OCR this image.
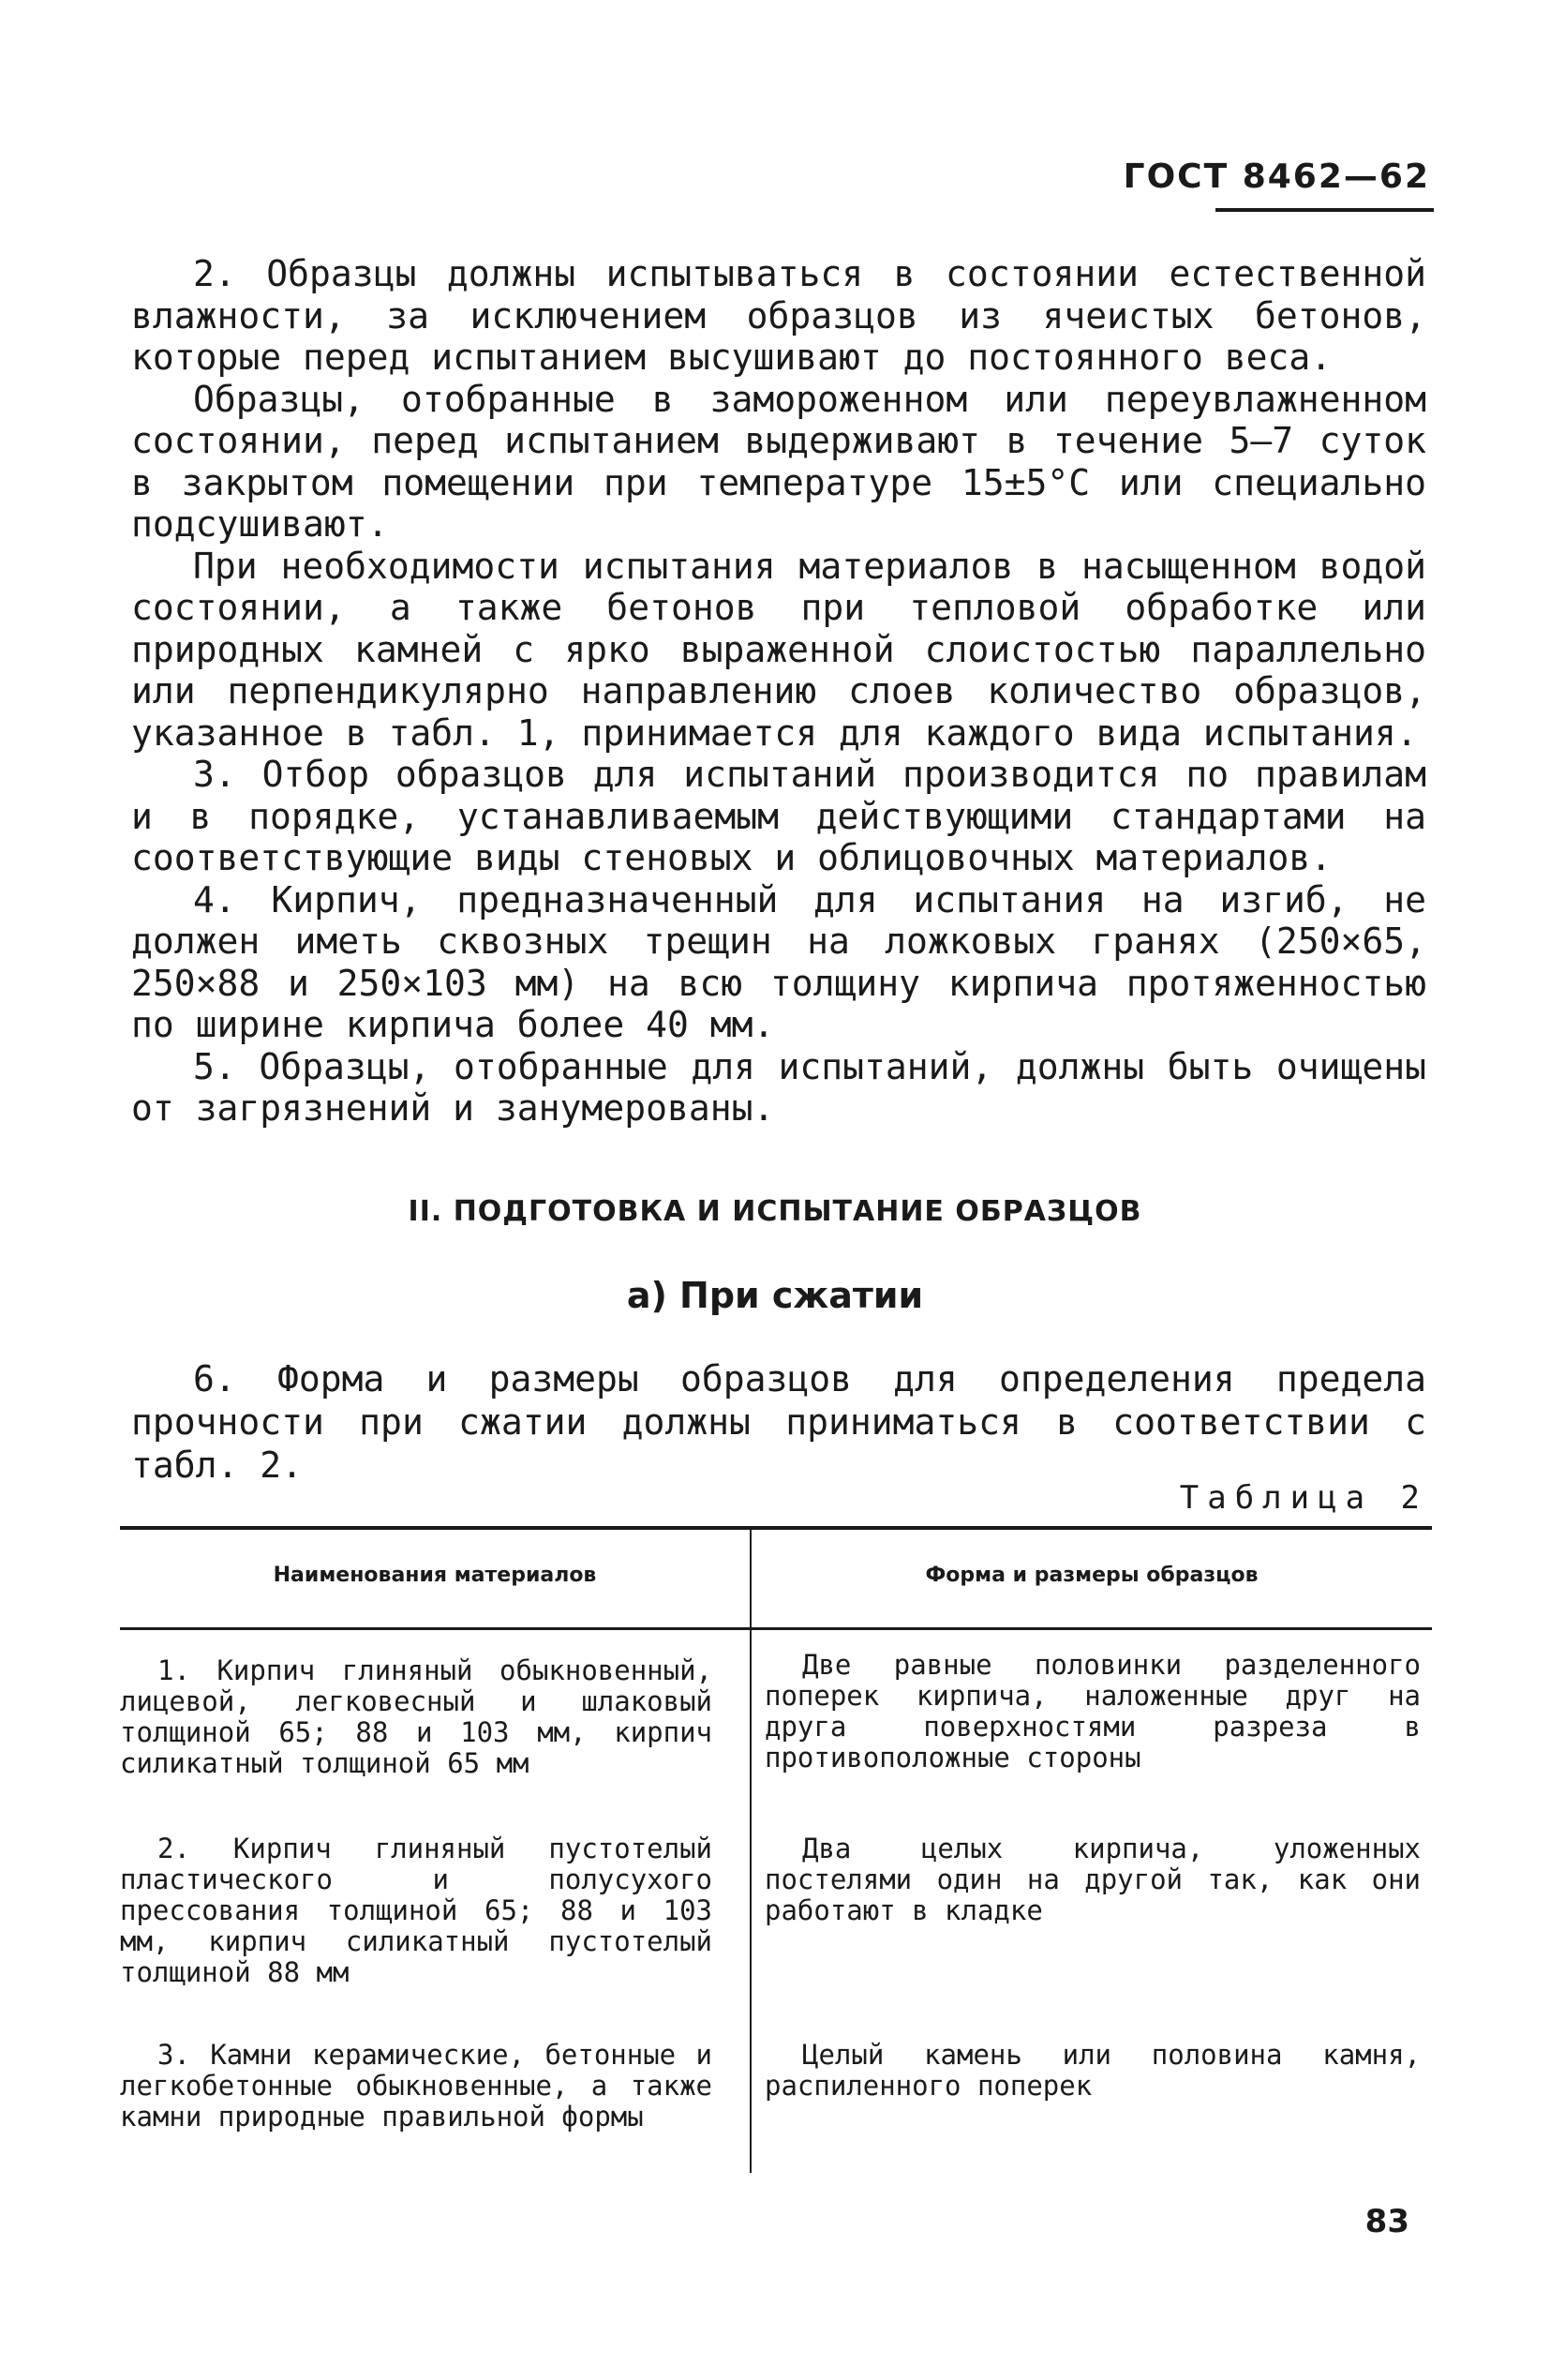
ГОСТ 8462—62

2. Образцы должны испытываться в состоянии естественной влажности, за исключением образцов из ячеистых бетонов, которые перед испытанием высушивают до постоянного веса.

Образцы, отобранные в замороженном или переувлажненном состоянии, перед испытанием выдерживают в течение 5—7 суток в закрытом помещении при температуре 15±5°С или специально подсушивают.

При необходимости испытания материалов в насыщенном водой состоянии, а также бетонов при тепловой обработке или природных камней с ярко выраженной слоистостью параллельно или перпендикулярно направлению слоев количество образцов, указанное в табл. 1, принимается для каждого вида испытания.

3. Отбор образцов для испытаний производится по правилам и в порядке, устанавливаемым действующими стандартами на соответствующие виды стеновых и облицовочных материалов.

4. Кирпич, предназначенный для испытания на изгиб, не должен иметь сквозных трещин на ложковых гранях (250×65, 250×88 и 250×103 мм) на всю толщину кирпича протяженностью по ширине кирпича более 40 мм.

5. Образцы, отобранные для испытаний, должны быть очищены от загрязнений и занумерованы.

II. ПОДГОТОВКА И ИСПЫТАНИЕ ОБРАЗЦОВ
а) При сжатии

6. Форма и размеры образцов для определения предела прочности при сжатии должны приниматься в соответствии с табл. 2.

Таблица 2
Наименования материалов	Форма и размеры образцов
1. Кирпич глиняный обыкновенный, лицевой, легковесный и шлаковый толщиной 65; 88 и 103 мм, кирпич силикатный толщиной 65 мм
Две равные половинки разделенного поперек кирпича, наложенные друг на друга поверхностями разреза в противоположные стороны
2. Кирпич глиняный пустотелый пластического и полусухого прессования толщиной 65; 88 и 103 мм, кирпич силикатный пустотелый толщиной 88 мм
Два целых кирпича, уложенных постелями один на другой так, как они работают в кладке
3. Камни керамические, бетонные и легкобетонные обыкновенные, а также камни природные правильной формы
Целый камень или половина камня, распиленного поперек
83
